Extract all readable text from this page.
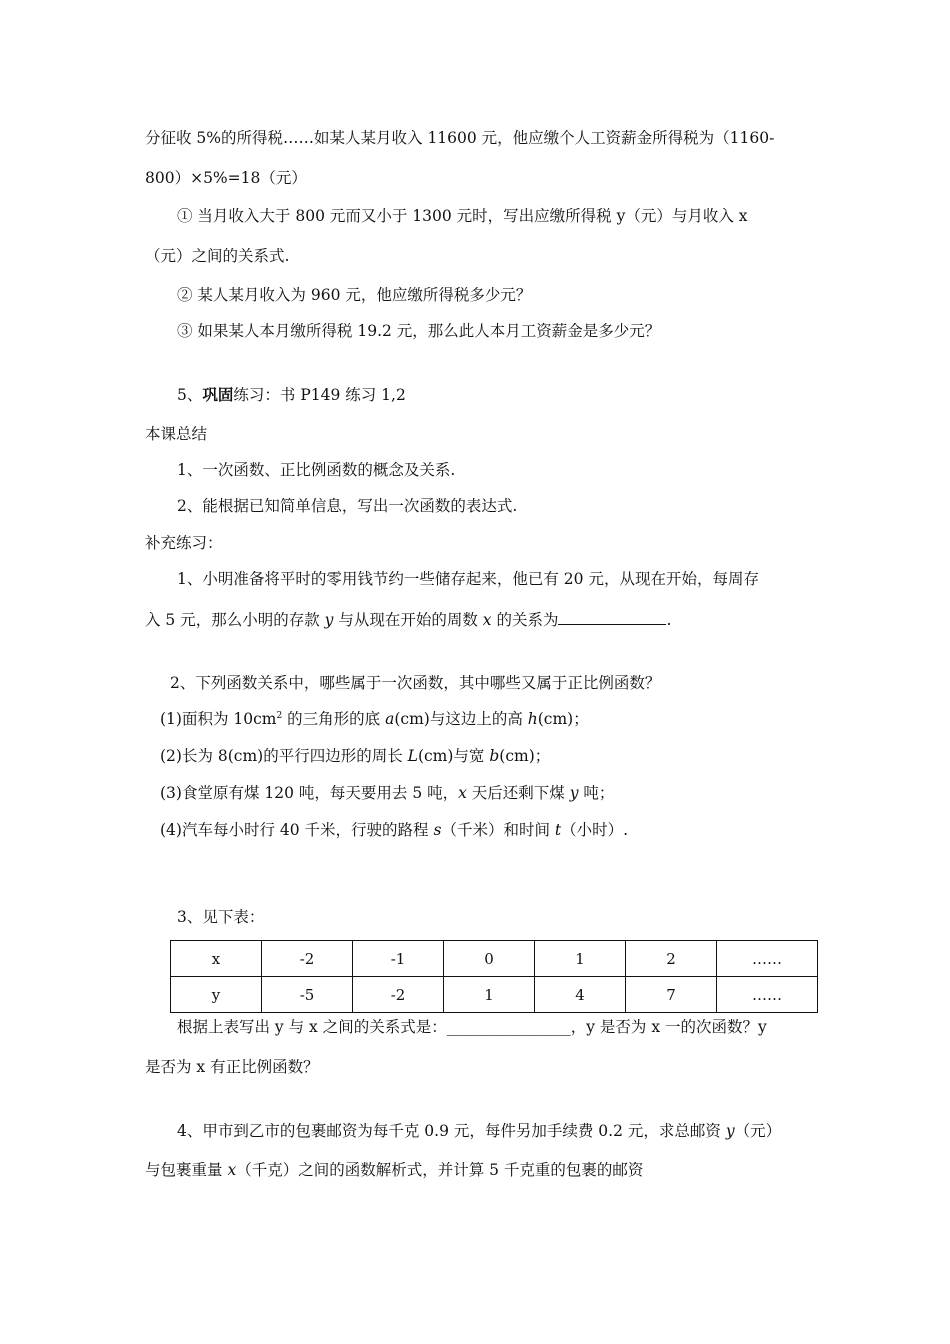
分征收 5%的所得税……如某人某月收入 11600 元，他应缴个人工资薪金所得税为（1160-
800）×5%=18（元）
① 当月收入大于 800 元而又小于 1300 元时，写出应缴所得税 y（元）与月收入 x
（元）之间的关系式.
② 某人某月收入为 960 元，他应缴所得税多少元？
③ 如果某人本月缴所得税 19.2 元，那么此人本月工资薪金是多少元？
5、巩固练习：书 P149 练习 1,2
本课总结
1、一次函数、正比例函数的概念及关系.
2、能根据已知简单信息，写出一次函数的表达式.
补充练习：
1、小明准备将平时的零用钱节约一些储存起来，他已有 20 元，从现在开始，每周存
入 5 元，那么小明的存款 y 与从现在开始的周数 x 的关系为	.
2、下列函数关系中，哪些属于一次函数，其中哪些又属于正比例函数？
(1)面积为 $10cm^2$ 的三角形的底 a(cm)与这边上的高 h(cm)；
(2)长为 8(cm)的平行四边形的周长 L(cm)与宽 b(cm)；
(3)食堂原有煤 120 吨，每天要用去 5 吨，x 天后还剩下煤 y 吨；
(4)汽车每小时行 40 千米，行驶的路程 s（千米）和时间 t（小时）.
3、见下表：
x	-2	-1	0	1	2	……
y	-5	-2	1	4	7	……
根据上表写出 y 与 x 之间的关系式是：________________，y 是否为 x 一的次函数？y
是否为 x 有正比例函数？
4、甲市到乙市的包裹邮资为每千克 0.9 元，每件另加手续费 0.2 元，求总邮资 y（元）
与包裹重量 x（千克）之间的函数解析式，并计算 5 千克重的包裹的邮资
